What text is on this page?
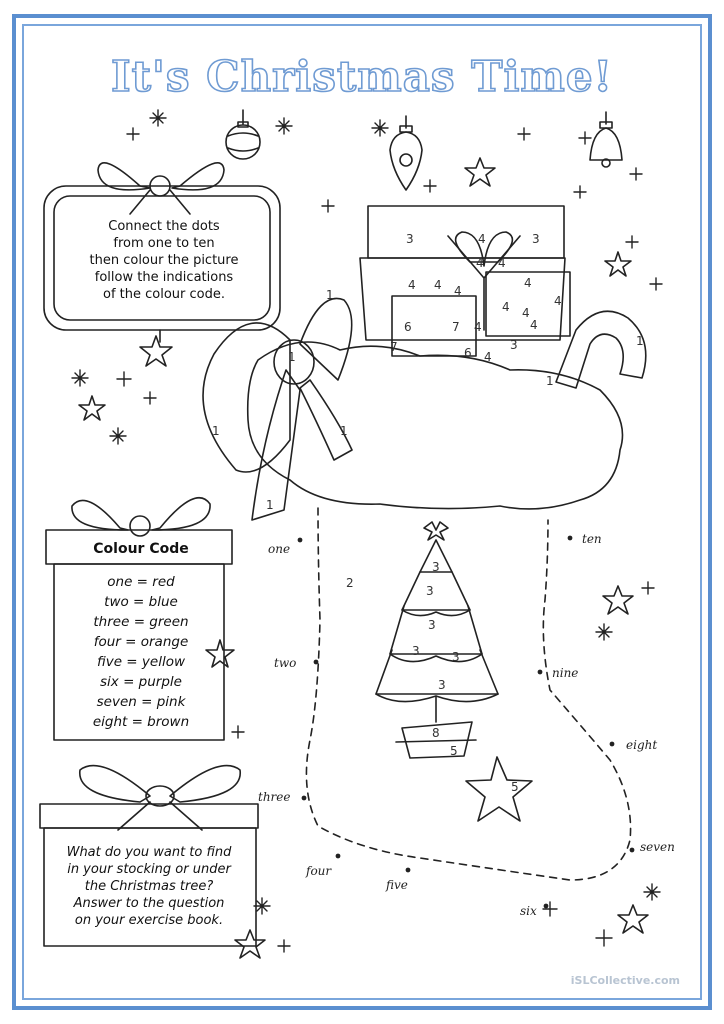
It's Christmas Time!
Connect the dots
from one to ten
then colour the picture
follow the indications
of the colour code.
Colour Code
one = red
two = blue
three = green
four = orange
five = yellow
six = purple
seven = pink
eight = brown
What do you want to find
in your stocking or under
the Christmas tree?
Answer to the question
on your exercise book.
one
two
three
four
five
six
seven
eight
nine
ten
3	4	3
4 4
4 4 4
4
4	4
4
4
6	7 4
6 4
3
7
1
1
1
1	1
1
2
3
3
3
3	3
3
8
5
5
1
iSLCollective.com
